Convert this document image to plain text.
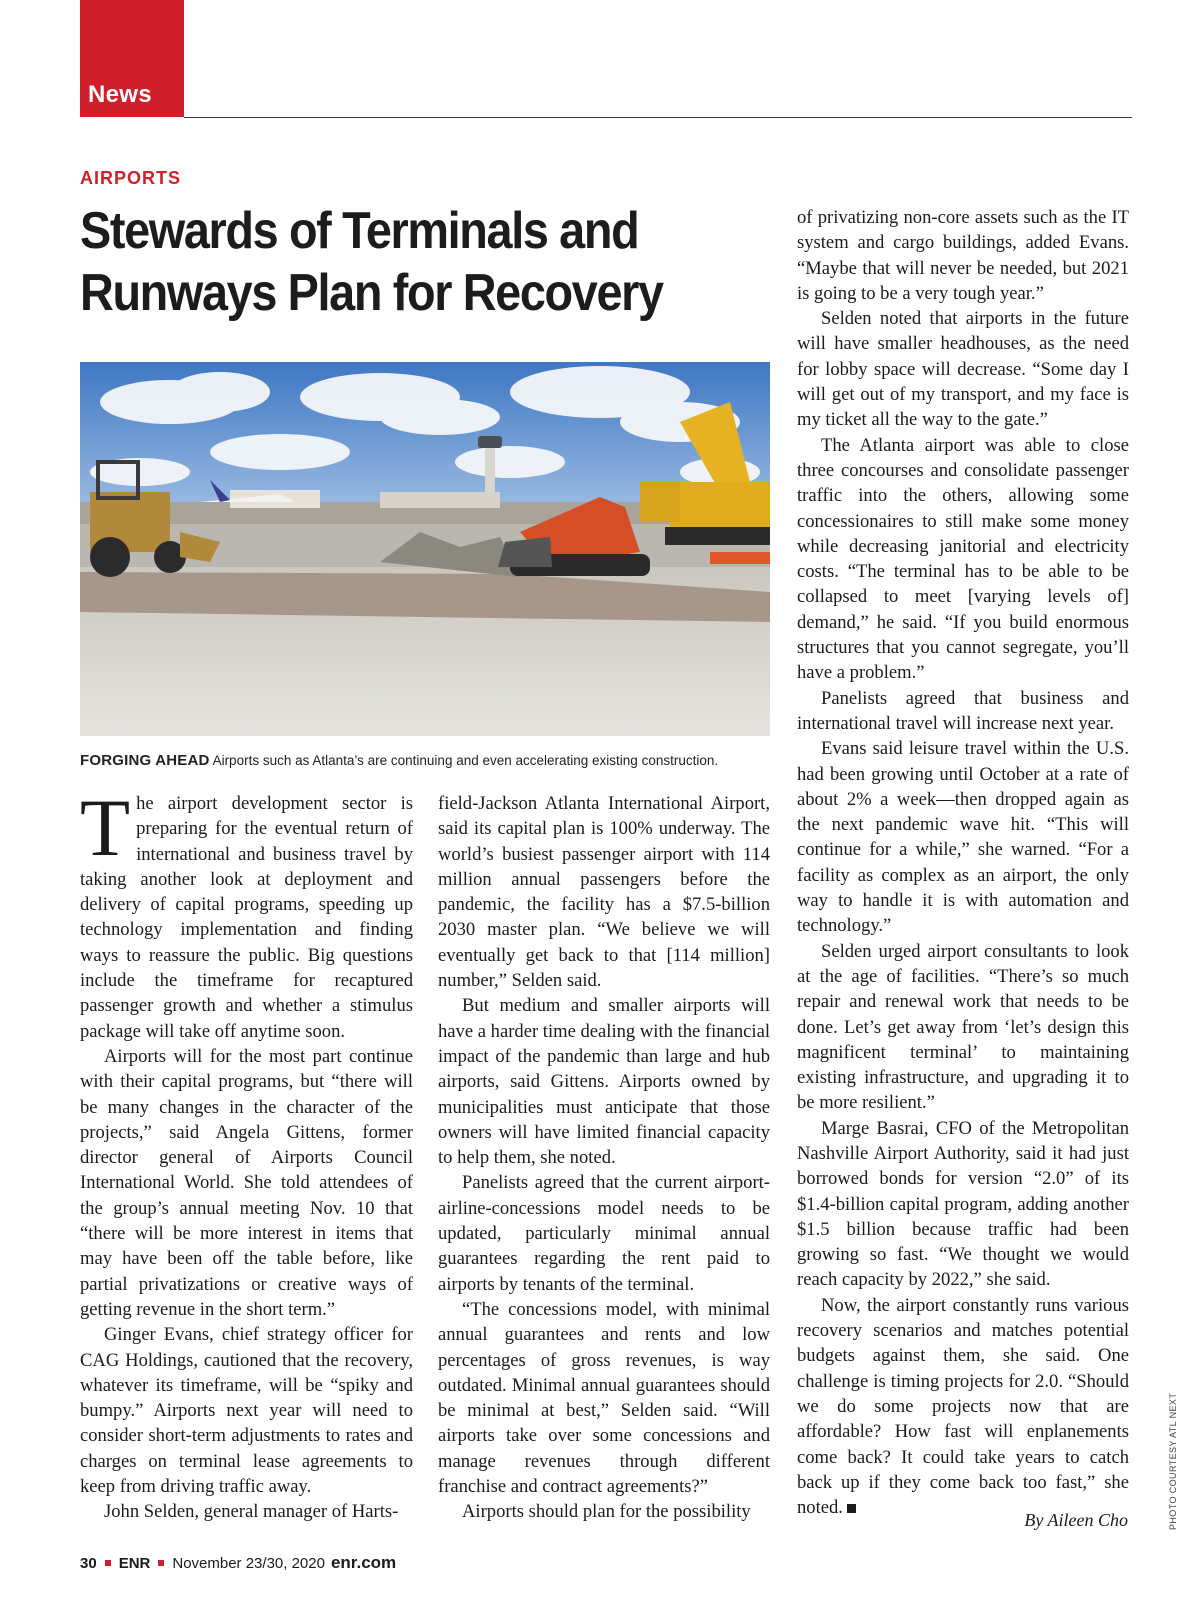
News
AIRPORTS
Stewards of Terminals and Runways Plan for Recovery
FORGING AHEAD Airports such as Atlanta’s are continuing and even accelerating existing construction.

The airport development sector is preparing for the eventual return of international and business travel by taking another look at deployment and delivery of capital programs, speeding up technology implementation and finding ways to reassure the public. Big questions include the timeframe for recaptured passenger growth and whether a stimulus package will take off anytime soon.

Airports will for the most part continue with their capital programs, but “there will be many changes in the character of the projects,” said Angela Gittens, former director general of Airports Council International World. She told attendees of the group’s annual meeting Nov. 10 that “there will be more interest in items that may have been off the table before, like partial privatizations or creative ways of getting revenue in the short term.”

Ginger Evans, chief strategy officer for CAG Holdings, cautioned that the recovery, whatever its timeframe, will be “spiky and bumpy.” Airports next year will need to consider short-term adjustments to rates and charges on terminal lease agreements to keep from driving traffic away.

John Selden, general manager of Harts-

field-Jackson Atlanta International Airport, said its capital plan is 100% underway. The world’s busiest passenger airport with 114 million annual passengers before the pandemic, the facility has a $7.5-billion 2030 master plan. “We believe we will eventually get back to that [114 million] number,” Selden said.

But medium and smaller airports will have a harder time dealing with the financial impact of the pandemic than large and hub airports, said Gittens. Airports owned by municipalities must anticipate that those owners will have limited financial capacity to help them, she noted.

Panelists agreed that the current airport-airline-concessions model needs to be updated, particularly minimal annual guarantees regarding the rent paid to airports by tenants of the terminal.

“The concessions model, with minimal annual guarantees and rents and low percentages of gross revenues, is way outdated. Minimal annual guarantees should be minimal at best,” Selden said. “Will airports take over some concessions and manage revenues through different franchise and contract agreements?”

Airports should plan for the possibility

of privatizing non-core assets such as the IT system and cargo buildings, added Evans. “Maybe that will never be needed, but 2021 is going to be a very tough year.”

Selden noted that airports in the future will have smaller headhouses, as the need for lobby space will decrease. “Some day I will get out of my transport, and my face is my ticket all the way to the gate.”

The Atlanta airport was able to close three concourses and consolidate passenger traffic into the others, allowing some concessionaires to still make some money while decreasing janitorial and electricity costs. “The terminal has to be able to be collapsed to meet [varying levels of] demand,” he said. “If you build enormous structures that you cannot segregate, you’ll have a problem.”

Panelists agreed that business and international travel will increase next year.

Evans said leisure travel within the U.S. had been growing until October at a rate of about 2% a week—then dropped again as the next pandemic wave hit. “This will continue for a while,” she warned. “For a facility as complex as an airport, the only way to handle it is with automation and technology.”

Selden urged airport consultants to look at the age of facilities. “There’s so much repair and renewal work that needs to be done. Let’s get away from ‘let’s design this magnificent terminal’ to maintaining existing infrastructure, and upgrading it to be more resilient.”

Marge Basrai, CFO of the Metropolitan Nashville Airport Authority, said it had just borrowed bonds for version “2.0” of its $1.4-billion capital program, adding another $1.5 billion because traffic had been growing so fast. “We thought we would reach capacity by 2022,” she said.

Now, the airport constantly runs various recovery scenarios and matches potential budgets against them, she said. One challenge is timing projects for 2.0. “Should we do some projects now that are affordable? How fast will enplanements come back? It could take years to catch back up if they come back too fast,” she noted.

By Aileen Cho	PHOTO COURTESY ATL NEXT
30 ENR November 23/30, 2020 enr.com
